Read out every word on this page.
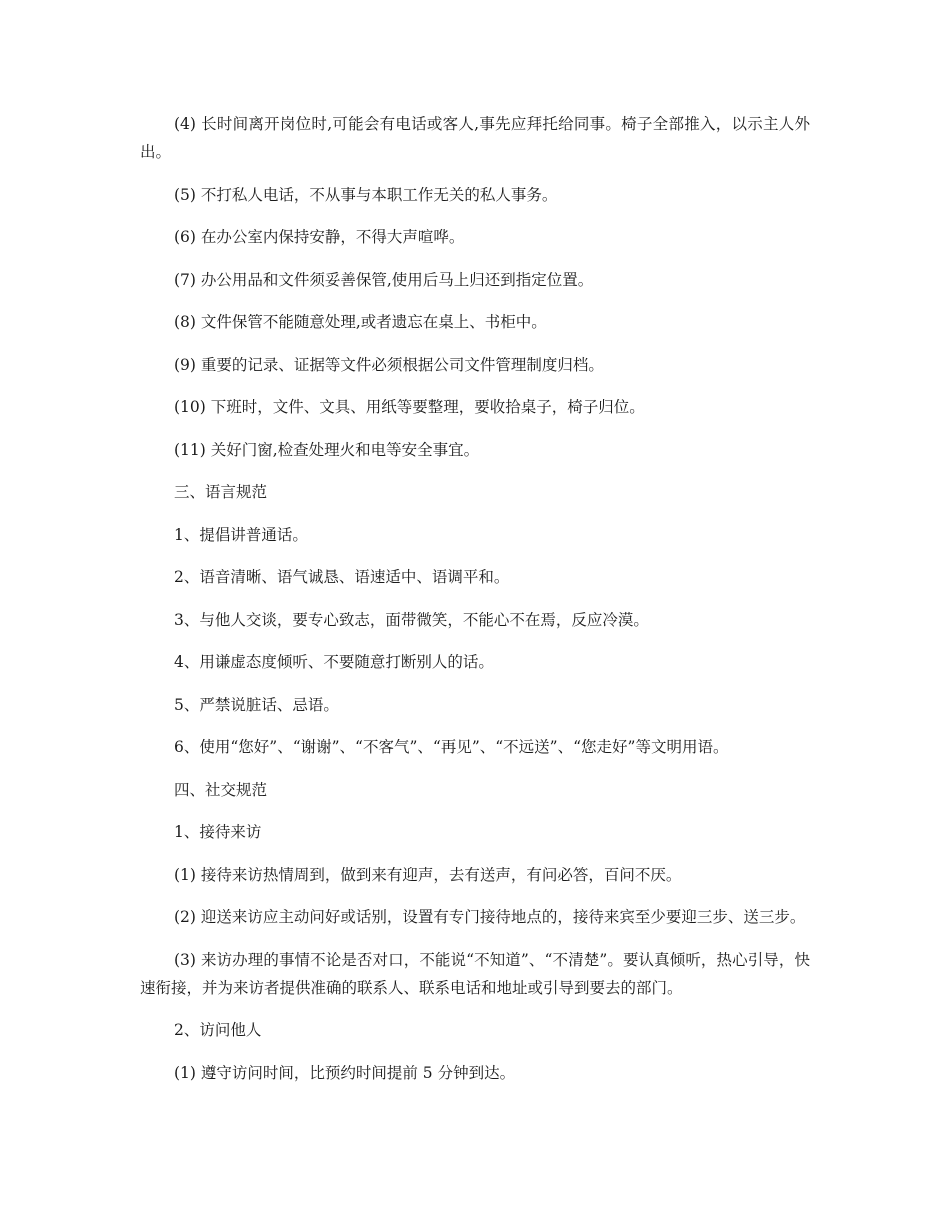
(4) 长时间离开岗位时,可能会有电话或客人,事先应拜托给同事。椅子全部推入，以示主人外出。

(5) 不打私人电话，不从事与本职工作无关的私人事务。

(6) 在办公室内保持安静，不得大声喧哗。

(7) 办公用品和文件须妥善保管,使用后马上归还到指定位置。

(8) 文件保管不能随意处理,或者遗忘在桌上、书柜中。

(9) 重要的记录、证据等文件必须根据公司文件管理制度归档。

(10) 下班时，文件、文具、用纸等要整理，要收拾桌子，椅子归位。

(11) 关好门窗,检查处理火和电等安全事宜。

三、语言规范

1、提倡讲普通话。

2、语音清晰、语气诚恳、语速适中、语调平和。

3、与他人交谈，要专心致志，面带微笑，不能心不在焉，反应冷漠。

4、用谦虚态度倾听、不要随意打断别人的话。

5、严禁说脏话、忌语。

6、使用“您好”、“谢谢”、“不客气”、“再见”、“不远送”、“您走好”等文明用语。

四、社交规范

1、接待来访

(1) 接待来访热情周到，做到来有迎声，去有送声，有问必答，百问不厌。

(2) 迎送来访应主动问好或话别，设置有专门接待地点的，接待来宾至少要迎三步、送三步。

(3) 来访办理的事情不论是否对口，不能说“不知道”、“不清楚”。要认真倾听，热心引导，快速衔接，并为来访者提供准确的联系人、联系电话和地址或引导到要去的部门。

2、访问他人

(1) 遵守访问时间，比预约时间提前 5 分钟到达。
